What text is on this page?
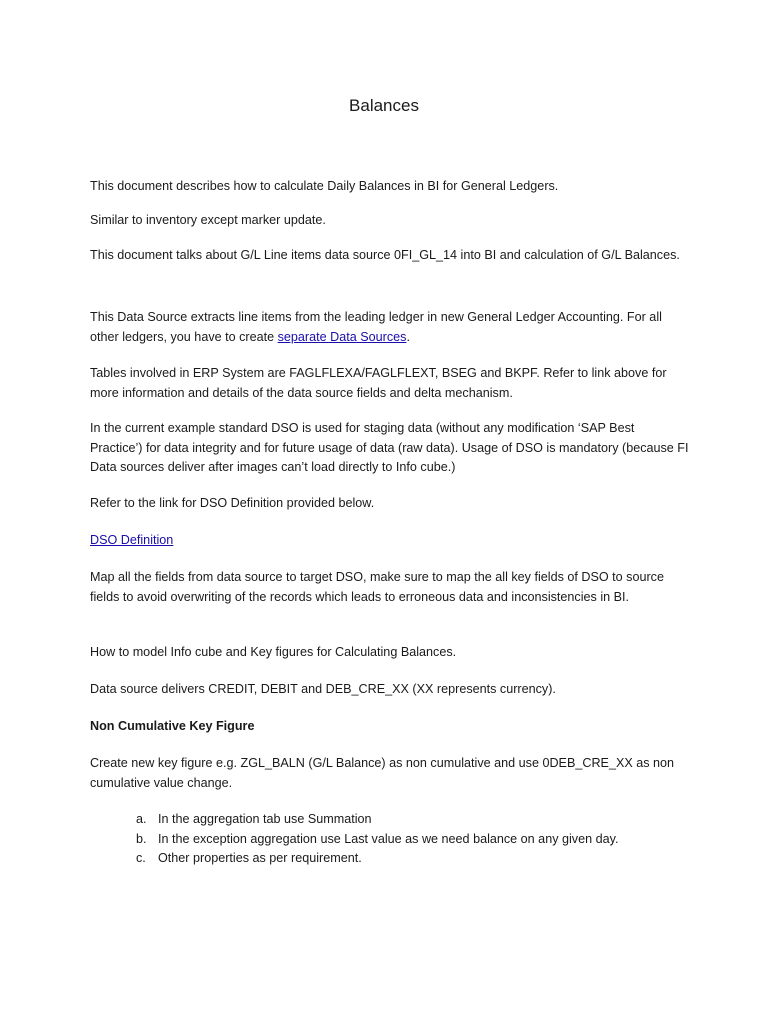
Balances

This document describes how to calculate Daily Balances in BI for General Ledgers.

Similar to inventory except marker update.

This document talks about G/L Line items data source 0FI_GL_14 into BI and calculation of G/L Balances.

This Data Source extracts line items from the leading ledger in new General Ledger Accounting. For all other ledgers, you have to create separate Data Sources.

Tables involved in ERP System are FAGLFLEXA/FAGLFLEXT, BSEG and BKPF. Refer to link above for more information and details of the data source fields and delta mechanism.

In the current example standard DSO is used for staging data (without any modification ‘SAP Best Practice’) for data integrity and for future usage of data (raw data). Usage of DSO is mandatory (because FI Data sources deliver after images can’t load directly to Info cube.)

Refer to the link for DSO Definition provided below.

DSO Definition

Map all the fields from data source to target DSO, make sure to map the all key fields of DSO to source fields to avoid overwriting of the records which leads to erroneous data and inconsistencies in BI.

How to model Info cube and Key figures for Calculating Balances.

Data source delivers CREDIT, DEBIT and DEB_CRE_XX (XX represents currency).

Non Cumulative Key Figure

Create new key figure e.g. ZGL_BALN (G/L Balance) as non cumulative and use 0DEB_CRE_XX as non cumulative value change.

a. In the aggregation tab use Summation
b. In the exception aggregation use Last value as we need balance on any given day.
c. Other properties as per requirement.
